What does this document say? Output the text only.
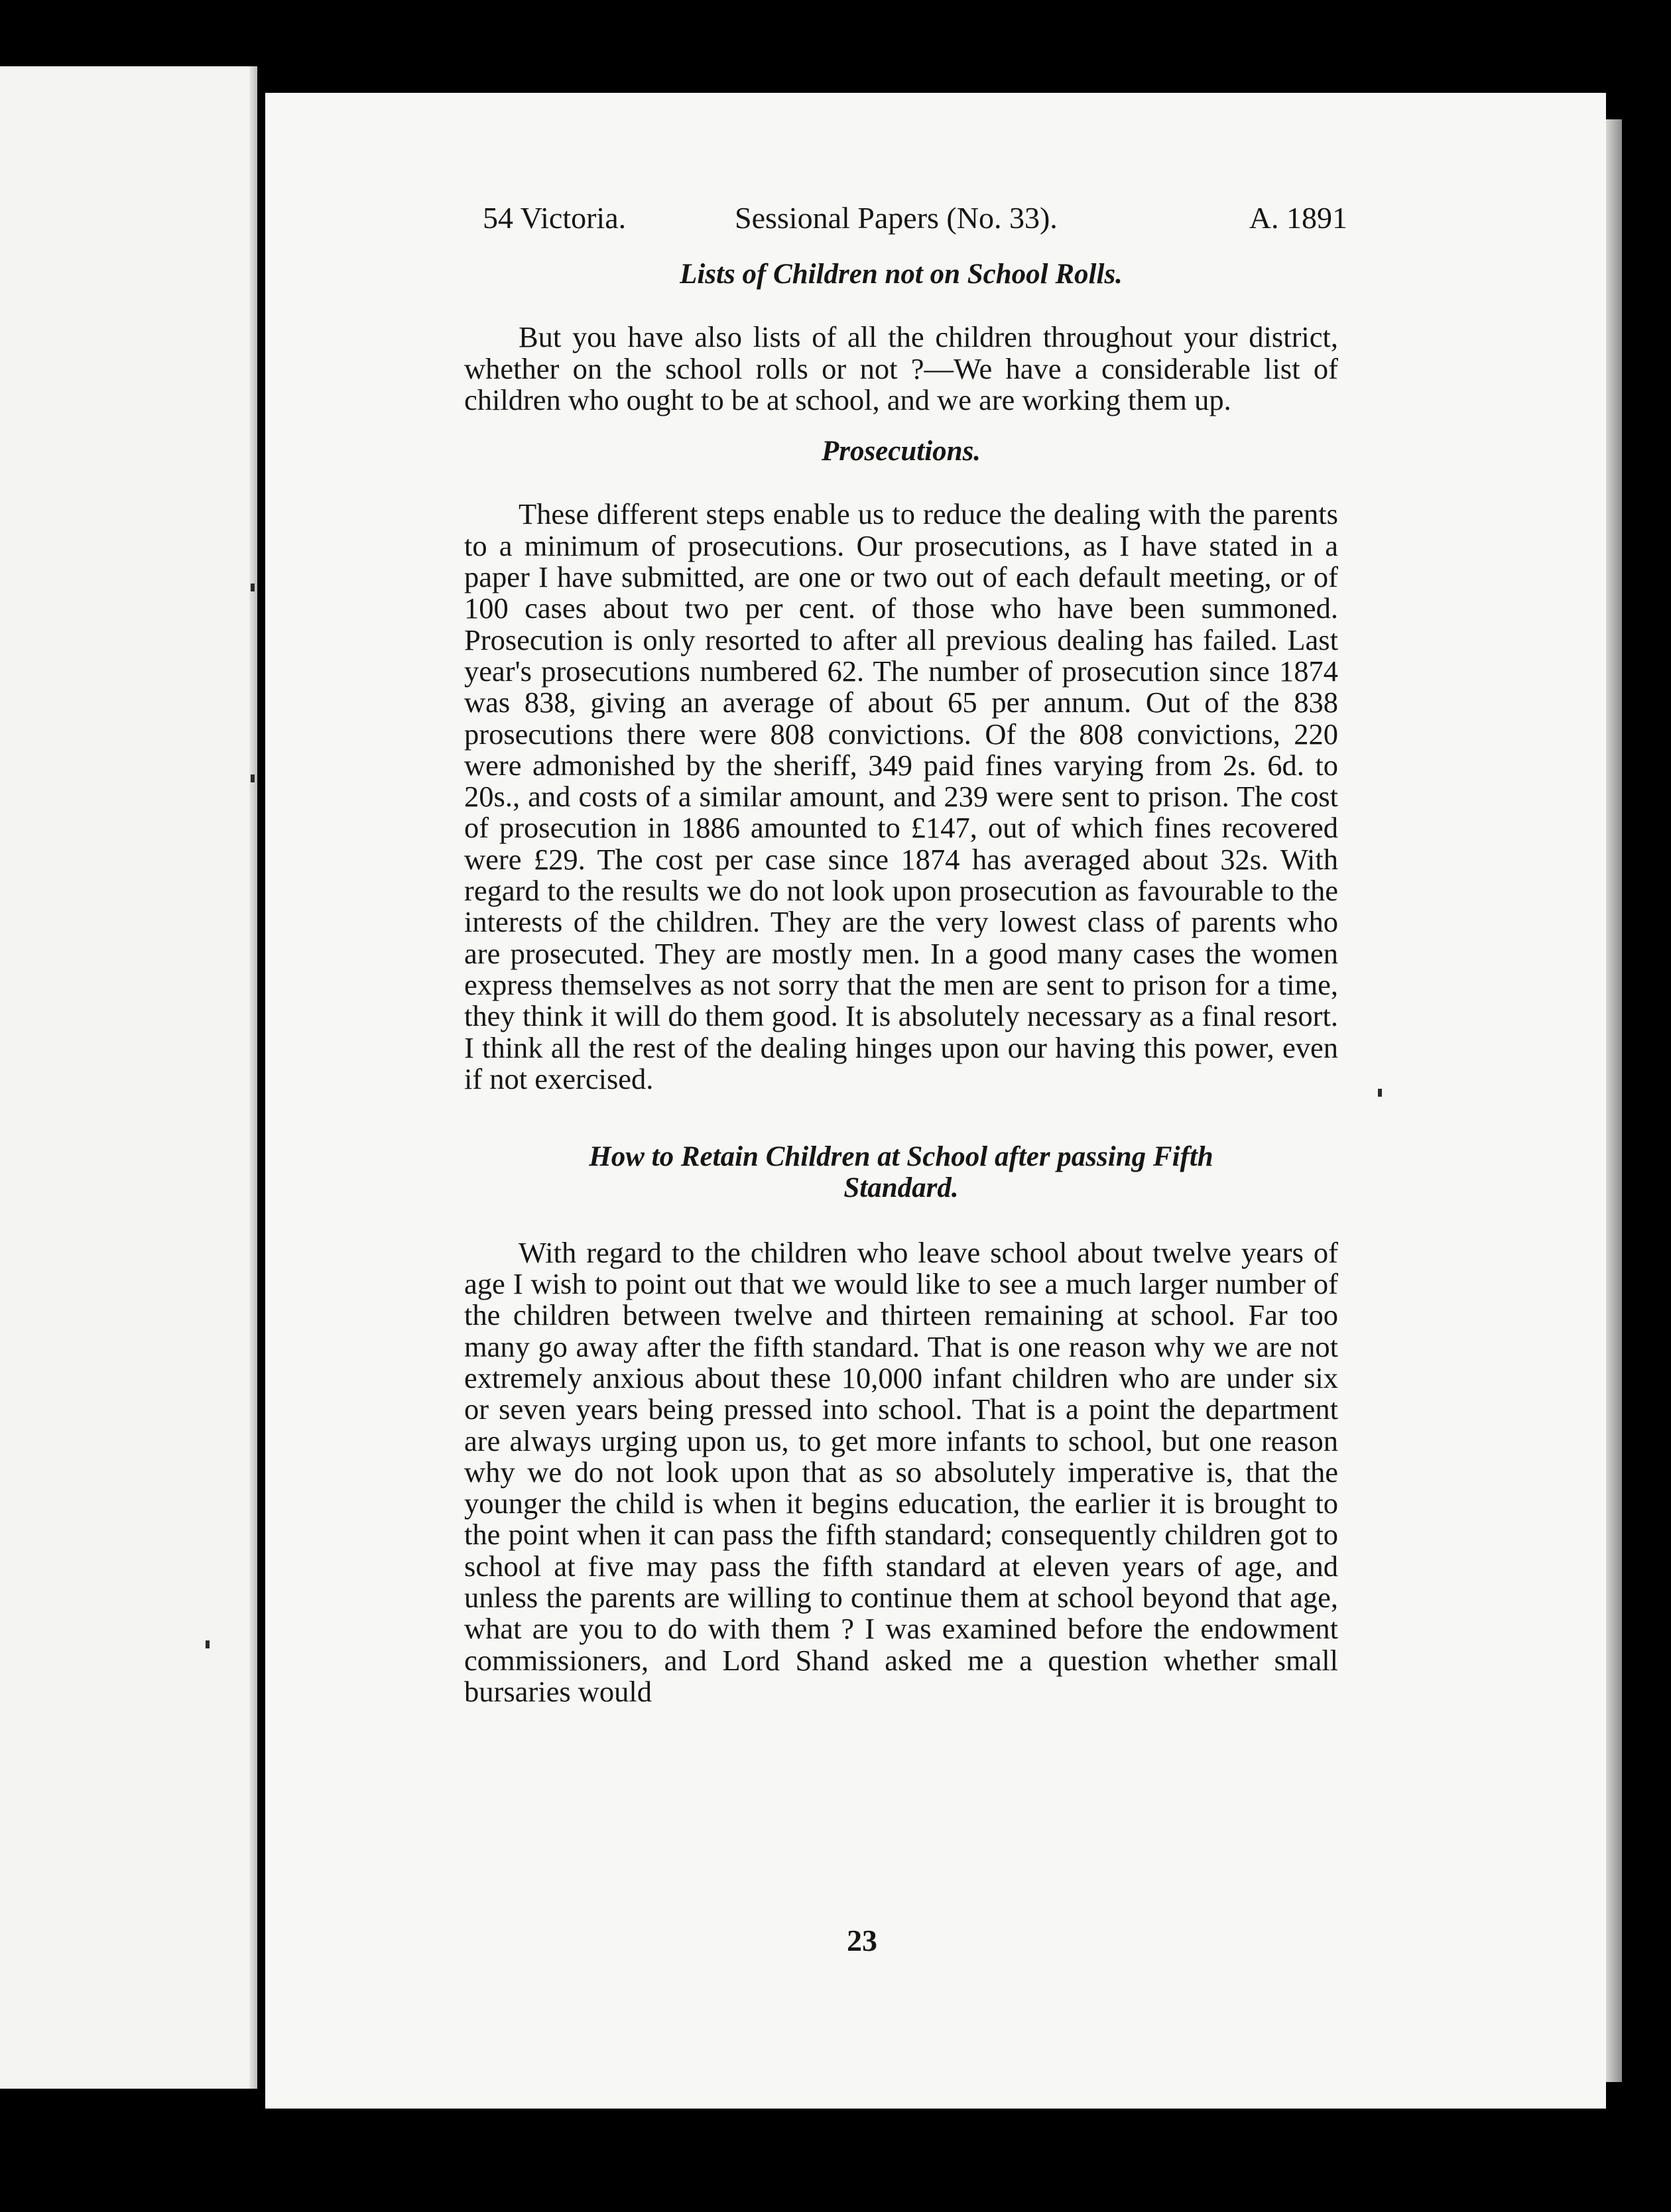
54 Victoria.	Sessional Papers (No. 33).	A. 1891
Lists of Children not on School Rolls.

But you have also lists of all the children throughout your district, whether on the school rolls or not ?—We have a considerable list of children who ought to be at school, and we are working them up.

Prosecutions.

These different steps enable us to reduce the dealing with the parents to a minimum of prosecutions. Our prosecutions, as I have stated in a paper I have submitted, are one or two out of each default meeting, or of 100 cases about two per cent. of those who have been summoned. Prosecution is only resorted to after all previous dealing has failed. Last year's prosecutions numbered 62. The number of prosecution since 1874 was 838, giving an average of about 65 per annum. Out of the 838 prosecutions there were 808 convictions. Of the 808 convictions, 220 were admonished by the sheriff, 349 paid fines varying from 2s. 6d. to 20s., and costs of a similar amount, and 239 were sent to prison. The cost of prosecution in 1886 amounted to £147, out of which fines recovered were £29. The cost per case since 1874 has averaged about 32s. With regard to the results we do not look upon prosecution as favourable to the interests of the children. They are the very lowest class of parents who are prosecuted. They are mostly men. In a good many cases the women express themselves as not sorry that the men are sent to prison for a time, they think it will do them good. It is absolutely necessary as a final resort. I think all the rest of the dealing hinges upon our having this power, even if not exercised.

How to Retain Children at School after passing Fifth Standard.

With regard to the children who leave school about twelve years of age I wish to point out that we would like to see a much larger number of the children between twelve and thirteen remaining at school. Far too many go away after the fifth standard. That is one reason why we are not extremely anxious about these 10,000 infant children who are under six or seven years being pressed into school. That is a point the department are always urging upon us, to get more infants to school, but one reason why we do not look upon that as so absolutely imperative is, that the younger the child is when it begins education, the earlier it is brought to the point when it can pass the fifth standard; consequently children got to school at five may pass the fifth standard at eleven years of age, and unless the parents are willing to continue them at school beyond that age, what are you to do with them ? I was examined before the endowment commissioners, and Lord Shand asked me a question whether small bursaries would

23
